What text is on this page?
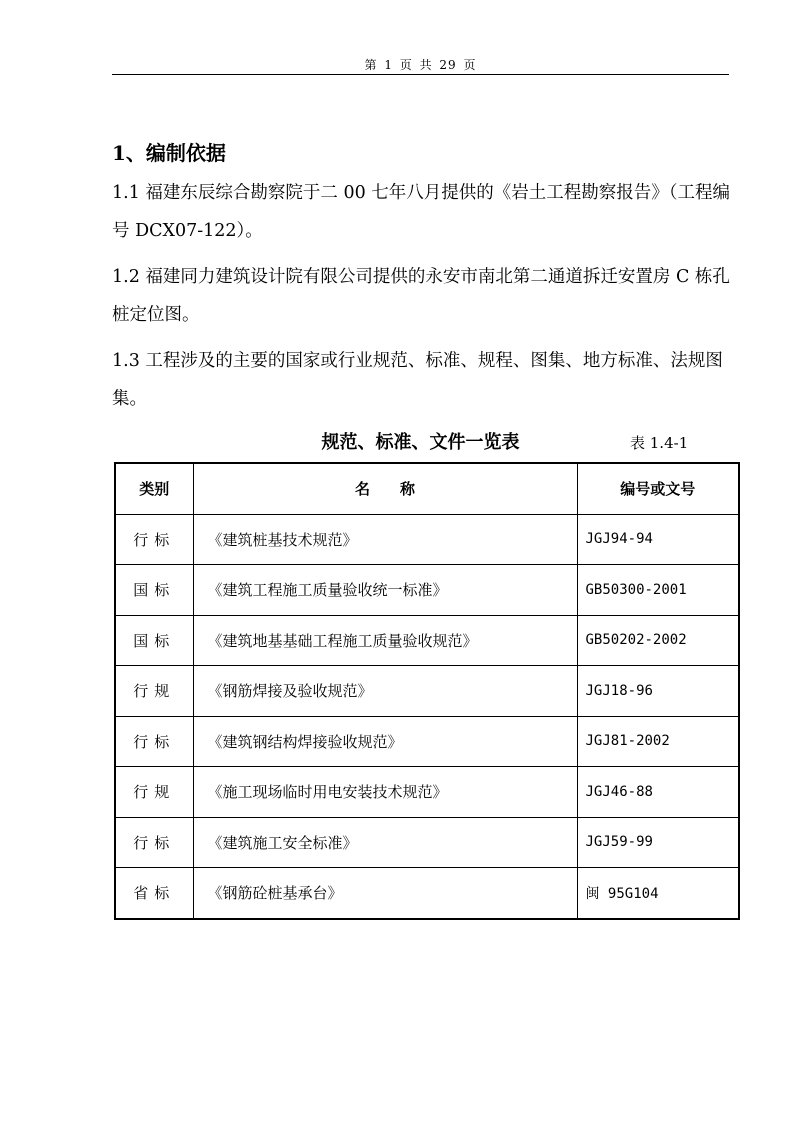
第 1 页 共 29 页
1、编制依据
1.1 福建东辰综合勘察院于二 00 七年八月提供的《岩土工程勘察报告》（工程编号 DCX07-122）。
1.2 福建同力建筑设计院有限公司提供的永安市南北第二通道拆迁安置房 C 栋孔桩定位图。
1.3 工程涉及的主要的国家或行业规范、标准、规程、图集、地方标准、法规图集。
规范、标准、文件一览表	表 1.4-1
类别	名　　称	编号或文号
行标	《建筑桩基技术规范》	JGJ94-94
国标	《建筑工程施工质量验收统一标准》	GB50300-2001
国标	《建筑地基基础工程施工质量验收规范》	GB50202-2002
行规	《钢筋焊接及验收规范》	JGJ18-96
行标	《建筑钢结构焊接验收规范》	JGJ81-2002
行规	《施工现场临时用电安装技术规范》	JGJ46-88
行标	《建筑施工安全标准》	JGJ59-99
省标	《钢筋砼桩基承台》	闽 95G104
